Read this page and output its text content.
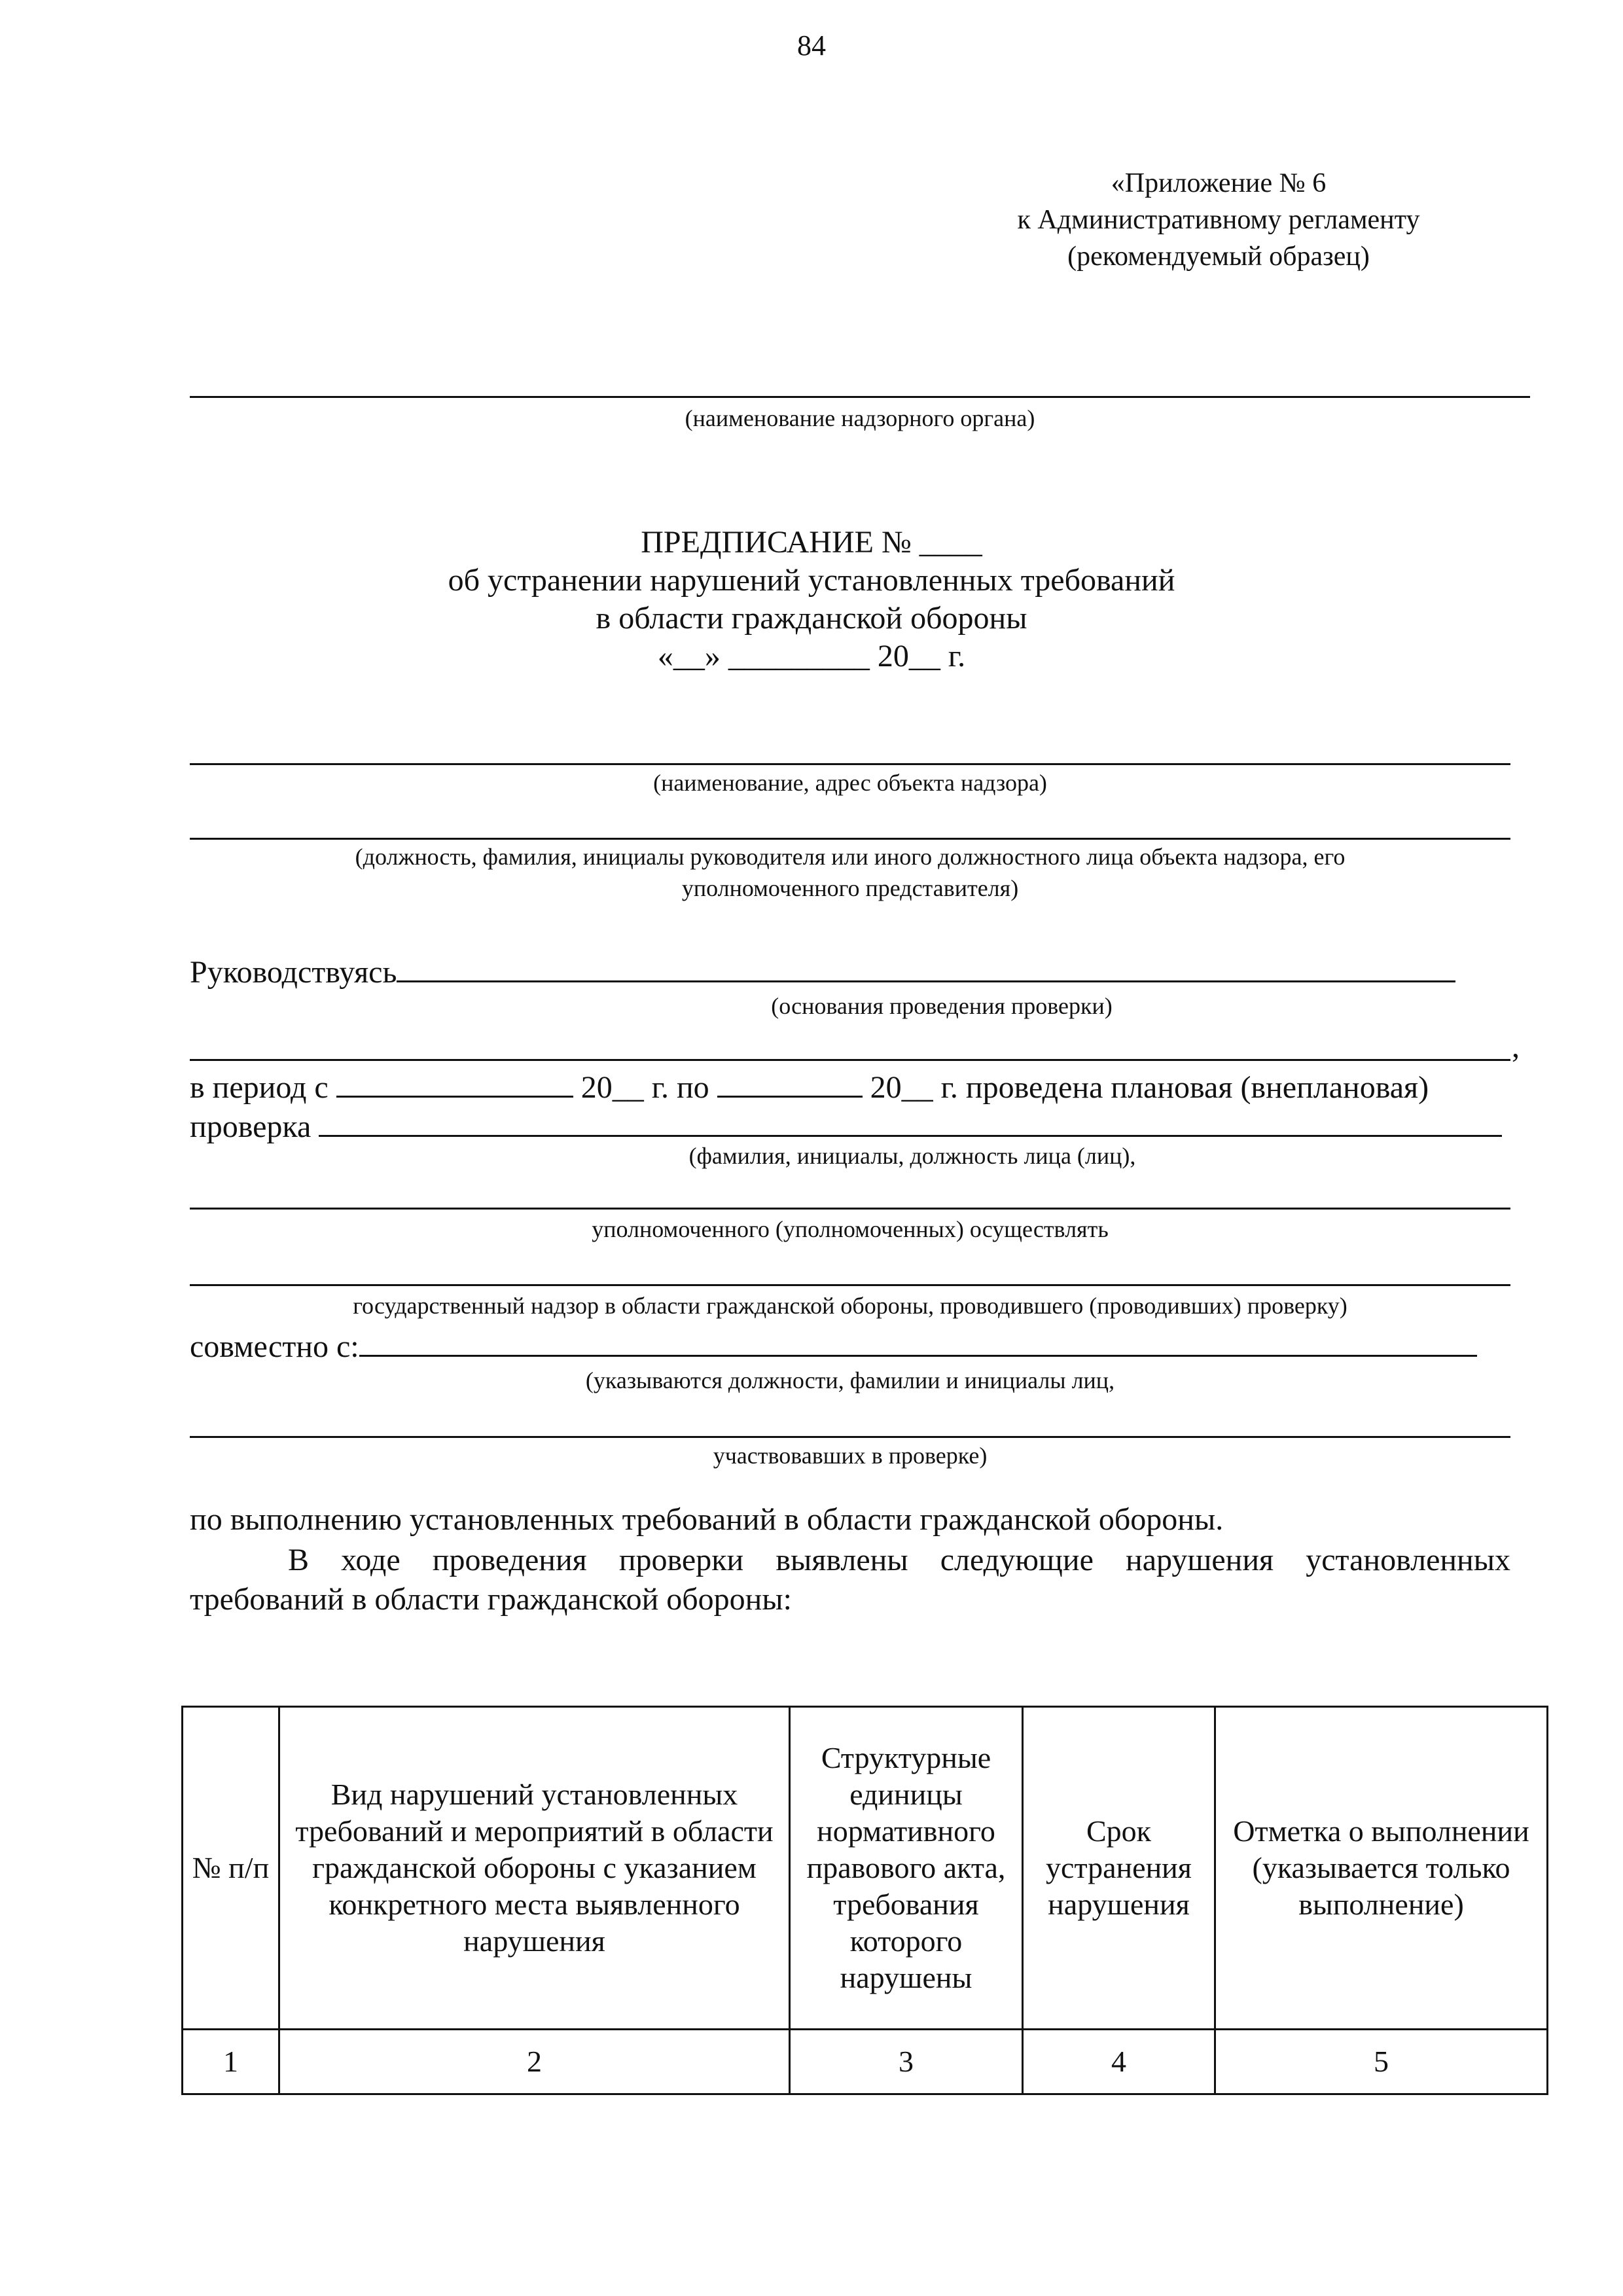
84
«Приложение № 6
к Административному регламенту
(рекомендуемый образец)
(наименование надзорного органа)
ПРЕДПИСАНИЕ № ____
об устранении нарушений установленных требований
в области гражданской обороны
«__» _________ 20__ г.
(наименование, адрес объекта надзора)
(должность, фамилия, инициалы руководителя или иного должностного лица объекта надзора, его
уполномоченного представителя)
Руководствуясь
(основания проведения проверки)
,
в период с	20__ г. по	20__ г. проведена плановая (внеплановая)
проверка
(фамилия, инициалы, должность лица (лиц),
уполномоченного (уполномоченных) осуществлять
государственный надзор в области гражданской обороны, проводившего (проводивших) проверку)
совместно с:
(указываются должности, фамилии и инициалы лиц,
участвовавших в проверке)
по выполнению установленных требований в области гражданской обороны.
В ходе проведения проверки выявлены следующие нарушения установленных
требований в области гражданской обороны:
№ п/п	Вид нарушений установленных требований и мероприятий в области гражданской обороны с указанием конкретного места выявленного нарушения	Структурные единицы нормативного правового акта, требования которого нарушены	Срок устранения нарушения	Отметка о выполнении (указывается только выполнение)
1	2	3	4	5
